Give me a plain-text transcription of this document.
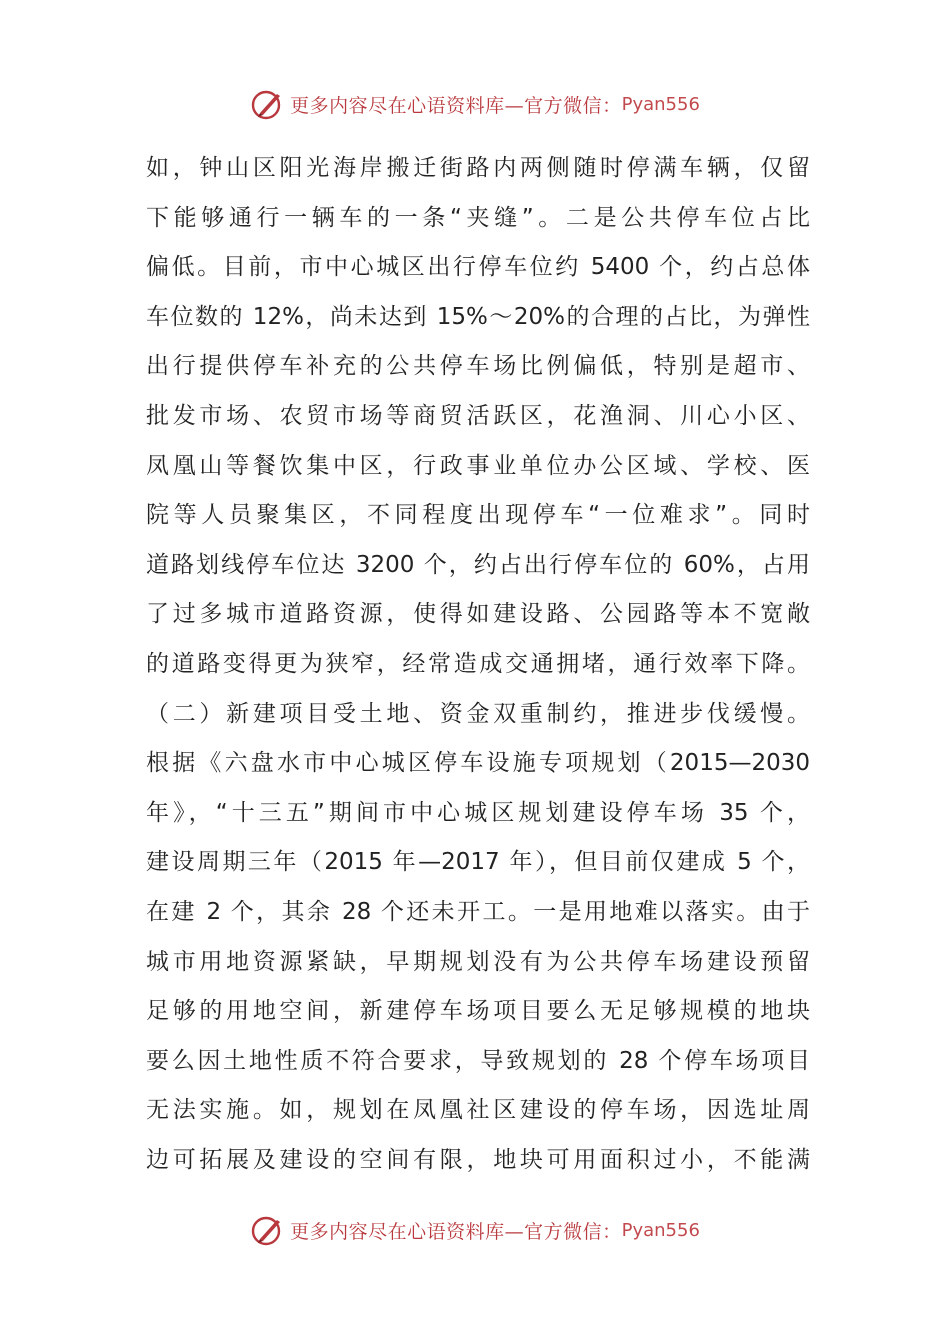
更多内容尽在心语资料库—官方微信： Pyan556
如，钟山区阳光海岸搬迁街路内两侧随时停满车辆，仅留
下能够通行一辆车的一条“夹缝”。二是公共停车位占比
偏低。目前，市中心城区出行停车位约 5400 个，约占总体
车位数的 12%，尚未达到 15%～20%的合理的占比，为弹性
出行提供停车补充的公共停车场比例偏低，特别是超市、
批发市场、农贸市场等商贸活跃区，花渔洞、川心小区、
凤凰山等餐饮集中区，行政事业单位办公区域、学校、医
院等人员聚集区，不同程度出现停车“一位难求”。同时
道路划线停车位达 3200 个，约占出行停车位的 60%，占用
了过多城市道路资源，使得如建设路、公园路等本不宽敞
的道路变得更为狭窄，经常造成交通拥堵，通行效率下降。
（二）新建项目受土地、资金双重制约，推进步伐缓慢。
根据《六盘水市中心城区停车设施专项规划（2015—2030
年》，“十三五”期间市中心城区规划建设停车场 35 个，
建设周期三年（2015 年—2017 年），但目前仅建成 5 个，
在建 2 个，其余 28 个还未开工。一是用地难以落实。由于
城市用地资源紧缺，早期规划没有为公共停车场建设预留
足够的用地空间，新建停车场项目要么无足够规模的地块
要么因土地性质不符合要求，导致规划的 28 个停车场项目
无法实施。如，规划在凤凰社区建设的停车场，因选址周
边可拓展及建设的空间有限，地块可用面积过小，不能满
更多内容尽在心语资料库—官方微信： Pyan556
